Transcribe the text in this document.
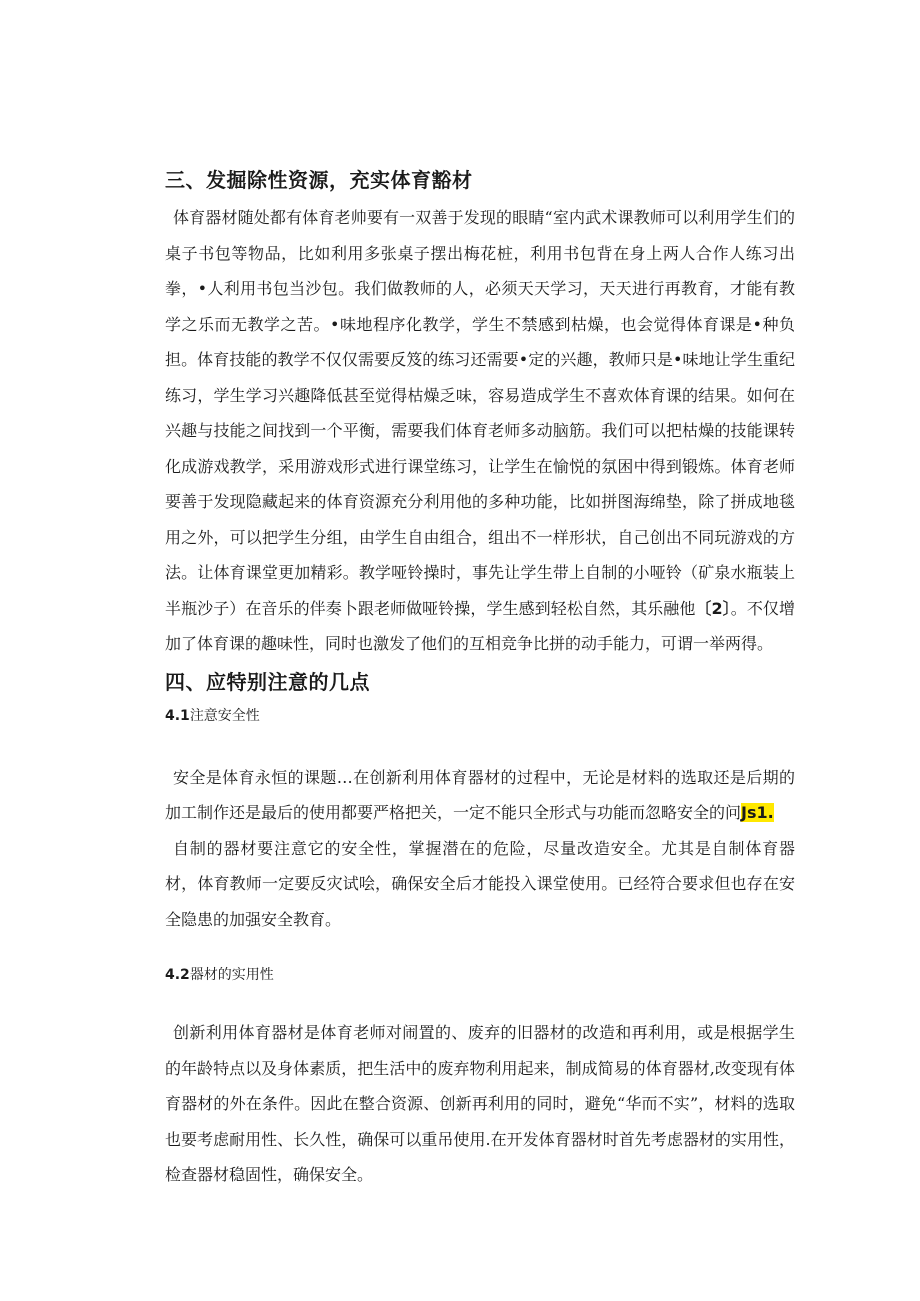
三、发掘除性资源，充实体育豁材

体育器材随处都有体育老帅要有一双善于发现的眼睛“室内武术课教师可以利用学生们的桌子书包等物品，比如利用多张桌子摆出梅花桩，利用书包背在身上两人合作人练习出拳，•人利用书包当沙包。我们做教师的人，必须天天学习，天天进行再教育，才能有教学之乐而无教学之苦。•味地程序化教学，学生不禁感到枯燥，也会觉得体育课是•种负担。体育技能的教学不仅仅需要反笈的练习还需要•定的兴趣，教师只是•味地让学生重纪练习，学生学习兴趣降低甚至觉得枯燥乏味，容易造成学生不喜欢体育课的结果。如何在兴趣与技能之间找到一个平衡，需要我们体育老师多动脑筋。我们可以把枯燥的技能课转化成游戏教学，采用游戏形式进行课堂练习，让学生在愉悦的氛困中得到锻炼。体育老师要善于发现隐藏起来的体育资源充分利用他的多种功能，比如拼图海绵垫，除了拼成地毯用之外，可以把学生分组，由学生自由组合，组出不一样形状，自己创出不同玩游戏的方法。让体育课堂更加精彩。教学哑铃操时，事先让学生带上自制的小哑铃（矿泉水瓶装上半瓶沙子）在音乐的伴奏卜跟老师做哑铃操，学生感到轻松自然，其乐融他〔2〕。不仅增加了体育课的趣味性，同时也激发了他们的互相竞争比拼的动手能力，可谓一举两得。

四、应特别注意的几点
4.1注意安全性

安全是体育永恒的课题…在创新利用体育器材的过程中，无论是材料的选取还是后期的加工制作还是最后的使用都要严格把关，一定不能只全形式与功能而忽略安全的问Js1.

自制的器材要注意它的安全性，掌握潜在的危险，尽量改造安全。尤其是自制体育器材，体育教师一定要反灾试哙，确保安全后才能投入课堂使用。已经符合要求但也存在安全隐患的加强安全教育。

4.2器材的实用性

创新利用体育器材是体育老师对闹置的、废弃的旧器材的改造和再利用，或是根据学生的年龄特点以及身体素质，把生活中的废弃物利用起来，制成简易的体育器材,改变现有体育器材的外在条件。因此在整合资源、创新再利用的同时，避免“华而不实”，材料的选取也要考虑耐用性、长久性，确保可以重吊使用.在开发体育器材时首先考虑器材的实用性，检查器材稳固性，确保安全。
